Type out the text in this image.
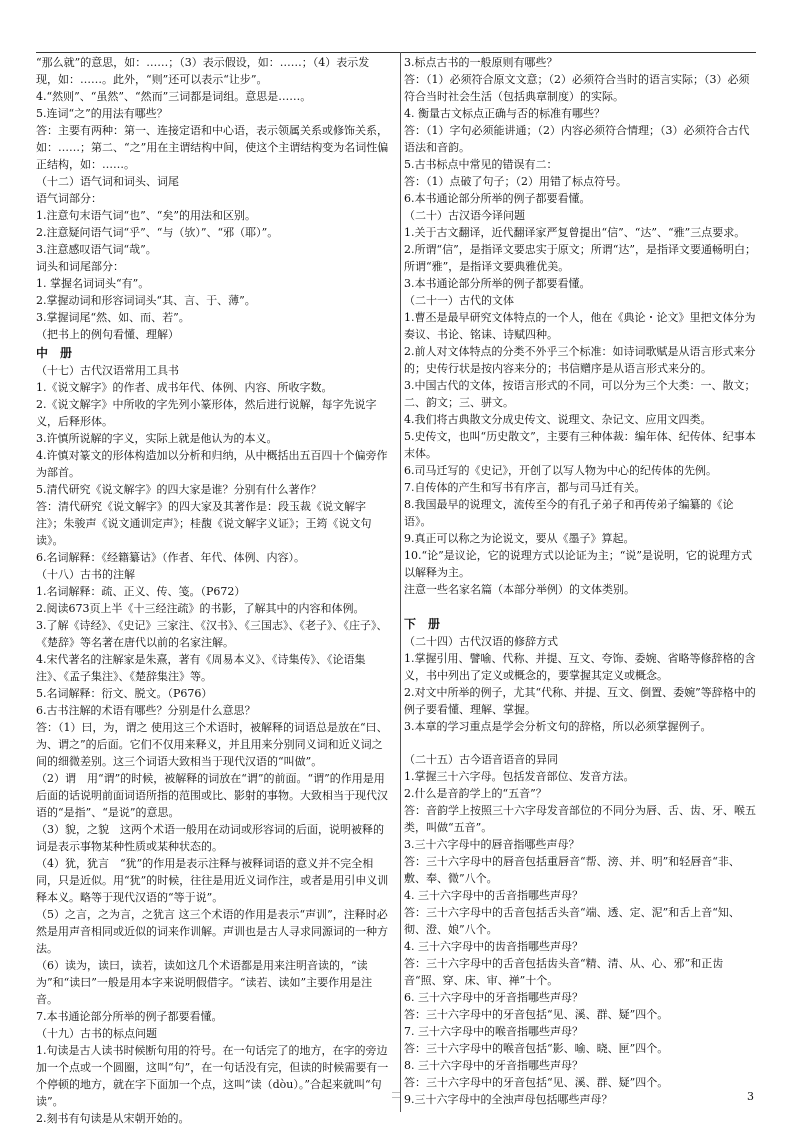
“那么就”的意思，如：……；（3）表示假设，如：……；（4）表示发现，如：……。此外，“则”还可以表示“让步”。
4.“然则”、“虽然”、“然而”三词都是词组。意思是……。
5.连词“之”的用法有哪些？
答：主要有两种：第一、连接定语和中心语，表示领属关系或修饰关系，如：……；第二、“之”用在主谓结构中间，使这个主谓结构变为名词性偏正结构，如：……。
（十二）语气词和词头、词尾
语气词部分：
1.注意句末语气词“也”、“矣”的用法和区别。
2.注意疑问语气词“乎”、“与（欤）”、“邪（耶）”。
3.注意感叹语气词“哉”。
词头和词尾部分：
1. 掌握名词词头“有”。
2.掌握动词和形容词词头“其、言、于、薄”。
3.掌握词尾“然、如、而、若”。
（把书上的例句看懂、理解）
中　册
（十七）古代汉语常用工具书
1.《说文解字》的作者、成书年代、体例、内容、所收字数。
2.《说文解字》中所收的字先列小篆形体，然后进行说解，每字先说字义，后释形体。
3.许慎所说解的字义，实际上就是他认为的本义。
4.许慎对篆文的形体构造加以分析和归纳，从中概括出五百四十个偏旁作为部首。
5.清代研究《说文解字》的四大家是谁？分别有什么著作？
答：清代研究《说文解字》的四大家及其著作是：段玉裁《说文解字注》；朱骏声《说文通训定声》；桂馥《说文解字义证》；王筠《说文句读》。
6.名词解释：《经籍纂诂》（作者、年代、体例、内容）。
（十八）古书的注解
1.名词解释：疏、正义、传、笺。（P672）
2.阅读673页上半《十三经注疏》的书影，了解其中的内容和体例。
3.了解《诗经》、《史记》三家注、《汉书》、《三国志》、《老子》、《庄子》、《楚辞》等名著在唐代以前的名家注解。
4.宋代著名的注解家是朱熹，著有《周易本义》、《诗集传》、《论语集注》、《孟子集注》、《楚辞集注》等。
5.名词解释：衍文、脱文。（P676）
6.古书注解的术语有哪些？分别是什么意思？
答：（1）曰，为，谓之 使用这三个术语时，被解释的词语总是放在“曰、为、谓之”的后面。它们不仅用来释义，并且用来分别同义词和近义词之间的细微差别。这三个词语大致相当于现代汉语的“叫做”。
（2）谓　用“谓”的时候，被解释的词放在“谓”的前面。“谓”的作用是用后面的话说明前面词语所指的范围或比、影射的事物。大致相当于现代汉语的“是指”、“是说”的意思。
（3）貌，之貌　这两个术语一般用在动词或形容词的后面，说明被释的词是表示事物某种性质或某种状态的。
（4）犹，犹言　“犹”的作用是表示注释与被释词语的意义并不完全相同，只是近似。用“犹”的时候，往往是用近义词作注，或者是用引申义训释本义。略等于现代汉语的“等于说”。
（5）之言，之为言，之犹言 这三个术语的作用是表示“声训”，注释时必然是用声音相同或近似的词来作训解。声训也是古人寻求同源词的一种方法。
（6）读为，读曰，读若，读如这几个术语都是用来注明音读的，“读为”和“读曰”一般是用本字来说明假借字。“读若、读如”主要作用是注音。
7.本书通论部分所举的例子都要看懂。
（十九）古书的标点问题
1.句读是古人读书时候断句用的符号。在一句话完了的地方，在字的旁边加一个点或一个圆圈，这叫“句”，在一句话没有完，但读的时候需要有一个停顿的地方，就在字下面加一个点，这叫“读（dòu）。”合起来就叫“句读”。
2.刻书有句读是从宋朝开始的。
3.标点古书的一般原则有哪些？
答：（1）必须符合原文文意；（2）必须符合当时的语言实际；（3）必须符合当时社会生活（包括典章制度）的实际。
4. 衡量古文标点正确与否的标准有哪些？
答：（1）字句必须能讲通；（2）内容必须符合情理；（3）必须符合古代语法和音韵。
5.古书标点中常见的错误有二：
答：（1）点破了句子；（2）用错了标点符号。
6.本书通论部分所举的例子都要看懂。
（二十）古汉语今译问题
1.关于古文翻译，近代翻译家严复曾提出“信”、“达”、“雅”三点要求。
2.所谓“信”，是指译文要忠实于原文；所谓“达”，是指译文要通畅明白；所谓“雅”，是指译文要典雅优美。
3.本书通论部分所举的例子都要看懂。
（二十一）古代的文体
1.曹丕是最早研究文体特点的一个人，他在《典论・论文》里把文体分为奏议、书论、铭诔、诗赋四种。
2.前人对文体特点的分类不外乎三个标准：如诗词歌赋是从语言形式来分的；史传行状是按内容来分的；书信赠序是从语言形式来分的。
3.中国古代的文体，按语言形式的不同，可以分为三个大类：一、散文；二、韵文；三、骈文。
4.我们将古典散文分成史传文、说理文、杂记文、应用文四类。
5.史传文，也叫“历史散文”，主要有三种体裁：编年体、纪传体、纪事本末体。
6.司马迁写的《史记》，开创了以写人物为中心的纪传体的先例。
7.自传体的产生和写书有序言，都与司马迁有关。
8.我国最早的说理文，流传至今的有孔子弟子和再传弟子编纂的《论语》。
9.真正可以称之为论说文，要从《墨子》算起。
10.“论”是议论，它的说理方式以论证为主；“说”是说明，它的说理方式以解释为主。
注意一些名家名篇（本部分举例）的文体类别。
下　册
（二十四）古代汉语的修辞方式
1.掌握引用、譬喻、代称、并提、互文、夸饰、委婉、省略等修辞格的含义，书中列出了定义或概念的，要掌握其定义或概念。
2.对文中所举的例子，尤其“代称、并提、互文、倒置、委婉”等辞格中的例子要看懂、理解、掌握。
3.本章的学习重点是学会分析文句的辞格，所以必须掌握例子。
（二十五）古今语音语音的异同
1.掌握三十六字母。包括发音部位、发音方法。
2.什么是音韵学上的“五音”？
答：音韵学上按照三十六字母发音部位的不同分为唇、舌、齿、牙、喉五类，叫做“五音”。
3.三十六字母中的唇音指哪些声母？
答：三十六字母中的唇音包括重唇音“帮、滂、并、明”和轻唇音“非、敷、奉、微”八个。
4. 三十六字母中的舌音指哪些声母？
答：三十六字母中的舌音包括舌头音“端、透、定、泥”和舌上音“知、彻、澄、娘”八个。
4. 三十六字母中的齿音指哪些声母？
答：三十六字母中的舌音包括齿头音“精、清、从、心、邪”和正齿音“照、穿、床、审、禅”十个。
6. 三十六字母中的牙音指哪些声母？
答：三十六字母中的牙音包括“见、溪、群、疑”四个。
7. 三十六字母中的喉音指哪些声母？
答：三十六字母中的喉音包括“影、喻、晓、匣”四个。
8. 三十六字母中的牙音指哪些声母？
答：三十六字母中的牙音包括“见、溪、群、疑”四个。
9.三十六字母中的全浊声母包括哪些声母？	3
